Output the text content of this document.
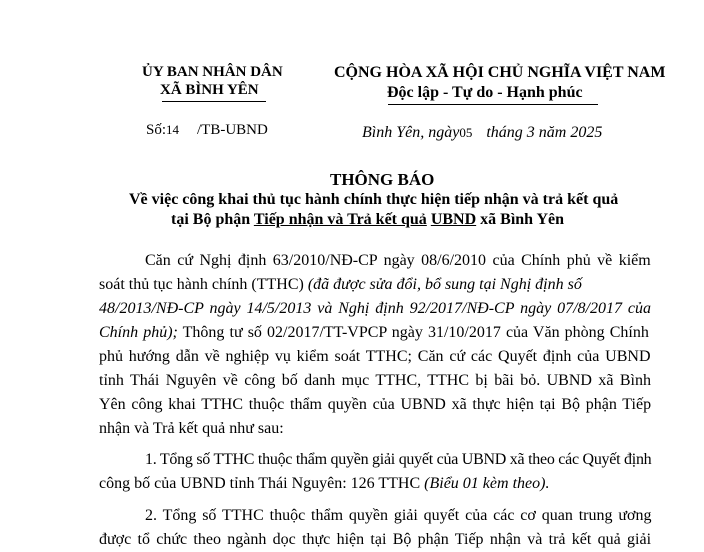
ỦY BAN NHÂN DÂN
XÃ BÌNH YÊN
CỘNG HÒA XÃ HỘI CHỦ NGHĨA VIỆT NAM
Độc lập - Tự do - Hạnh phúc
Số:14 /TB-UBND	Bình Yên, ngày05 tháng 3 năm 2025
THÔNG BÁO
Về việc công khai thủ tục hành chính thực hiện tiếp nhận và trả kết quả
tại Bộ phận Tiếp nhận và Trả kết quả UBND xã Bình Yên
Căn cứ Nghị định 63/2010/NĐ-CP ngày 08/6/2010 của Chính phủ về kiểm
soát thủ tục hành chính (TTHC) (đã được sửa đổi, bổ sung tại Nghị định số
48/2013/NĐ-CP ngày 14/5/2013 và Nghị định 92/2017/NĐ-CP ngày 07/8/2017 của
Chính phủ); Thông tư số 02/2017/TT-VPCP ngày 31/10/2017 của Văn phòng Chính
phủ hướng dẫn về nghiệp vụ kiểm soát TTHC; Căn cứ các Quyết định của UBND
tỉnh Thái Nguyên về công bố danh mục TTHC, TTHC bị bãi bỏ. UBND xã Bình
Yên công khai TTHC thuộc thẩm quyền của UBND xã thực hiện tại Bộ phận Tiếp
nhận và Trả kết quả như sau:
1. Tổng số TTHC thuộc thẩm quyền giải quyết của UBND xã theo các Quyết định
công bố của UBND tỉnh Thái Nguyên: 126 TTHC (Biểu 01 kèm theo).
2. Tổng số TTHC thuộc thẩm quyền giải quyết của các cơ quan trung ương
được tổ chức theo ngành dọc thực hiện tại Bộ phận Tiếp nhận và trả kết quả giải
